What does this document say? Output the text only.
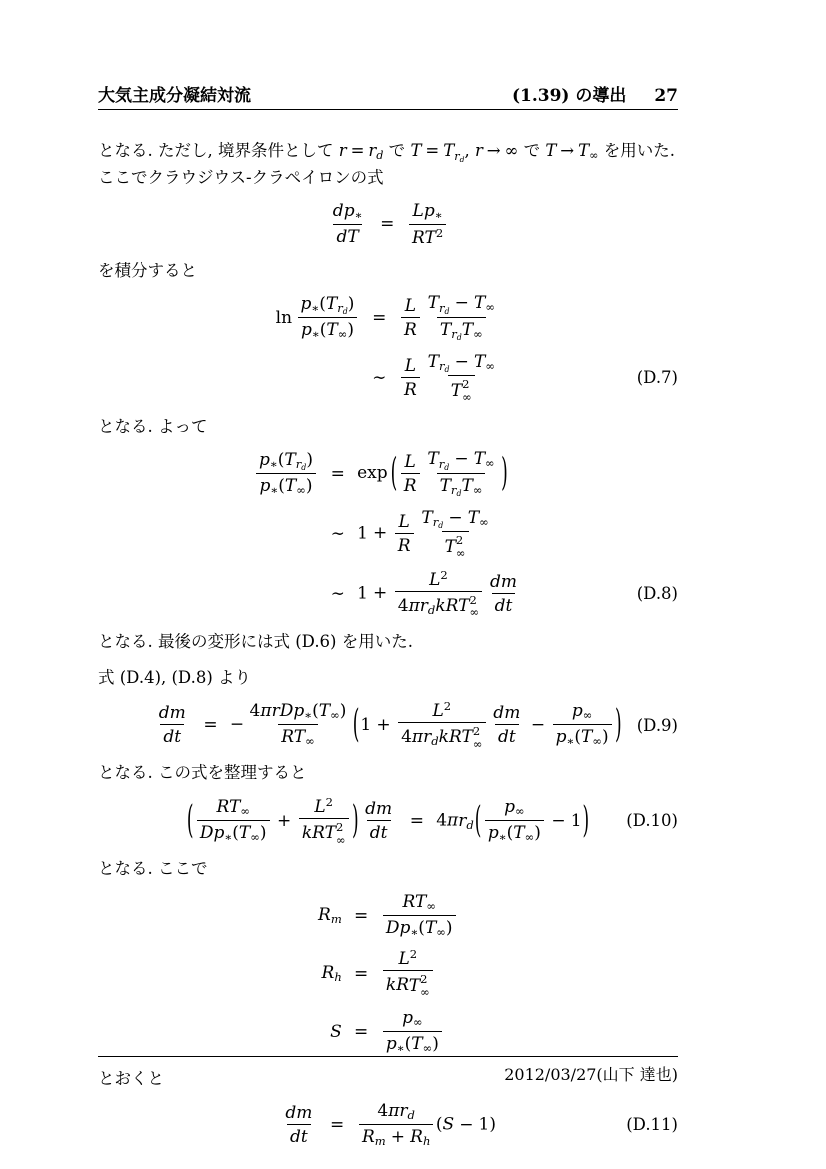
大気主成分凝結対流	(1.39) の導出 27

となる. ただし, 境界条件として r = rd で T = Trd, r → ∞ で T → T∞ を用いた.

ここでクラウジウス-クラペイロンの式

$\frac{dp∗}{dT} = \frac{Lp∗}{RT^2}$

を積分すると

$\ln \frac{\text{p∗(Trd)}}{p∗(T\infty)} = \frac{L}{R} \frac{\text{Trd − T∞}}{\text{TrdT∞}}$
∼ $\frac{L}{R}$ Trd − T∞
T 2
∞	(D.7)

となる. よって

$\frac{\text{p∗(Trd)}}{p∗(T\infty)} = \exp$ ( $\frac{L}{R} \frac{\text{Trd − T∞}}{\text{TrdT∞}}$ )
∼ $1 + \frac{L}{R}$ Trd − T∞
T 2
∞
∼ $1 + L^2$
4πrdkRT 2
∞ $\frac{dm}{dt}$	(D.8)

となる. 最後の変形には式 (D.6) を用いた.

式 (D.4), (D.8) より

$\frac{dm}{dt}$ = − $\frac{\text{4πrDp∗(T∞)}}{RT\infty}$ ( $1 + L^2$
4πrdkRT 2
∞ $\frac{dm}{dt} - \frac{p\infty}{p∗(T\infty)}$ ) (D.9)

となる. この式を整理すると

( $\frac{RT\infty}{Dp∗(T\infty)} + L^2$
kRT 2
∞ ) $\frac{dm}{dt} = 4\pi rd$ ( $\frac{p\infty}{p∗(T\infty)} - 1$ )	(D.10)

となる. ここで

$Rm = \frac{RT\infty}{Dp∗(T\infty)}$
$Rh = L^2$
kRT 2
∞
$S = \frac{p\infty}{p∗(T\infty)}$

とおくと

$\frac{dm}{dt} = \frac{\text{4πrd}}{Rm + Rh} (S - 1)$	(D.11)
2012/03/27(山下 達也)
